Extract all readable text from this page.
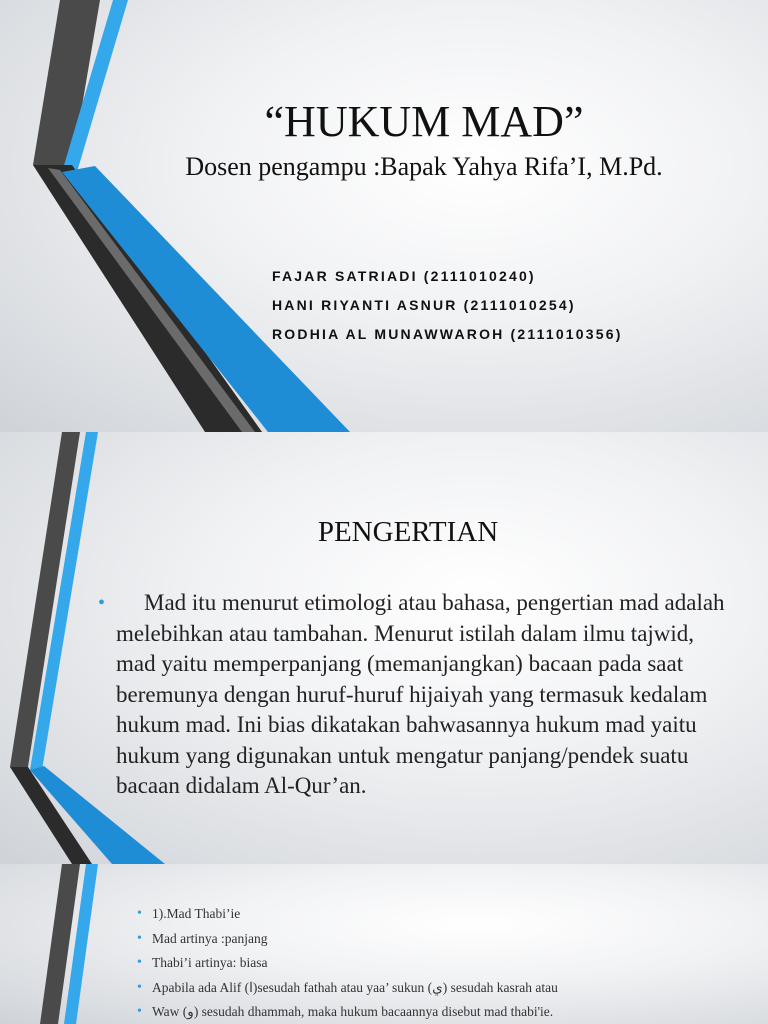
“HUKUM MAD”
Dosen pengampu :Bapak Yahya Rifa’I, M.Pd.
FAJAR SATRIADI (2111010240)
HANI RIYANTI ASNUR (2111010254)
RODHIA AL MUNAWWAROH (2111010356)
PENGERTIAN
•	Mad itu menurut etimologi atau bahasa, pengertian mad adalah melebihkan atau tambahan. Menurut istilah dalam ilmu tajwid, mad yaitu memperpanjang (memanjangkan) bacaan pada saat beremunya dengan huruf-huruf hijaiyah yang termasuk kedalam hukum mad. Ini bias dikatakan bahwasannya hukum mad yaitu hukum yang digunakan untuk mengatur panjang/pendek suatu bacaan didalam Al-Qur’an.
• 1).Mad Thabi’ie
• Mad artinya :panjang
• Thabi’i artinya: biasa
• Apabila ada Alif (ا)sesudah fathah atau yaa’ sukun (ي) sesudah kasrah atau
• Waw (و) sesudah dhammah, maka hukum bacaannya disebut mad thabi'ie.
